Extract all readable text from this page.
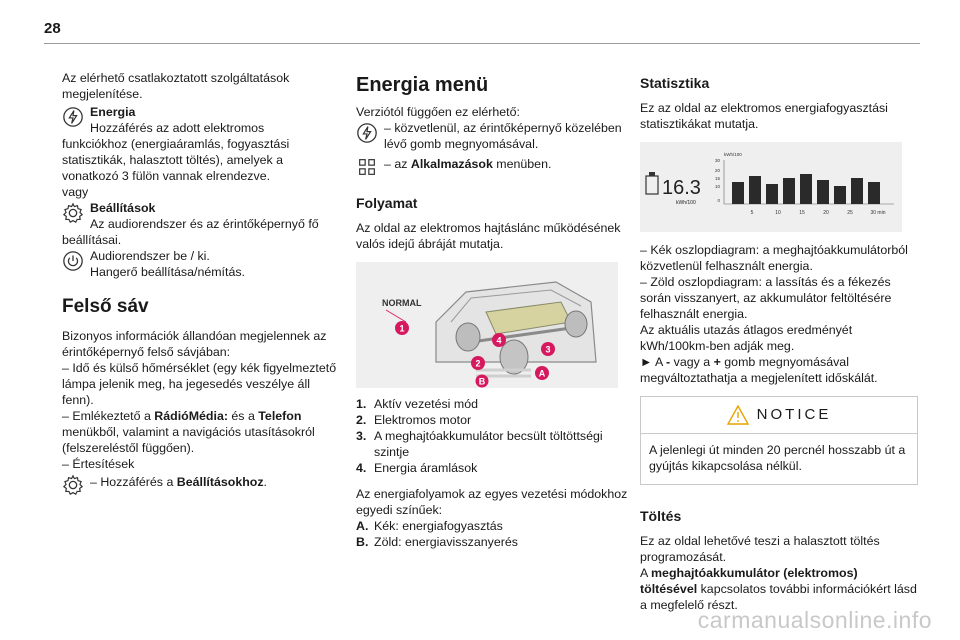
28

Az elérhető csatlakoztatott szolgáltatások megjelenítése.

Energia

Hozzáférés az adott elektromos

funkciókhoz (energiaáramlás, fogyasztási statisztikák, halasztott töltés), amelyek a vonatkozó 3 fülön vannak elrendezve.

vagy

Beállítások

Az audiorendszer és az érintőképernyő fő

beállításai.

Audiorendszer be / ki.

Hangerő beállítása/némítás.

Felső sáv

Bizonyos információk állandóan megjelennek az érintőképernyő felső sávjában:

– Idő és külső hőmérséklet (egy kék figyelmeztető lámpa jelenik meg, ha jegesedés veszélye áll fenn).

– Emlékeztető a RádióMédia: és a Telefon menükből, valamint a navigációs utasításokról (felszereléstől függően).

– Értesítések

– Hozzáférés a Beállításokhoz.

Energia menü

Verziótól függően ez elérhető:

– közvetlenül, az érintőképernyő közelében lévő gomb megnyomásával.

– az Alkalmazások menüben.

Folyamat

Az oldal az elektromos hajtáslánc működésének valós idejű ábráját mutatja.

NORMAL
1
4
3
2
A
B
1. Aktív vezetési mód
2. Elektromos motor
3. A meghajtóakkumulátor becsült töltöttségi szintje
4. Energia áramlások

Az energiafolyamok az egyes vezetési módokhoz egyedi színűek:

A. Kék: energiafogyasztás
B. Zöld: energiavisszanyerés
Statisztika

Ez az oldal az elektromos energiafogyasztási statisztikákat mutatja.

16.3
kWh/100
kWh/100
30
20
15
10
0
5	10	15	20	25	30 min

– Kék oszlopdiagram: a meghajtóakkumulátorból közvetlenül felhasznált energia.

– Zöld oszlopdiagram: a lassítás és a fékezés során visszanyert, az akkumulátor feltöltésére felhasznált energia.

Az aktuális utazás átlagos eredményét kWh/100km-ben adják meg.

► A - vagy a + gomb megnyomásával megváltoztathatja a megjelenített időskálát.

NOTICE

A jelenlegi út minden 20 percnél hosszabb út a gyújtás kikapcsolása nélkül.

Töltés

Ez az oldal lehetővé teszi a halasztott töltés programozását.

A meghajtóakkumulátor (elektromos) töltésével kapcsolatos további információkért lásd a megfelelő részt.

carmanualsonline.info
